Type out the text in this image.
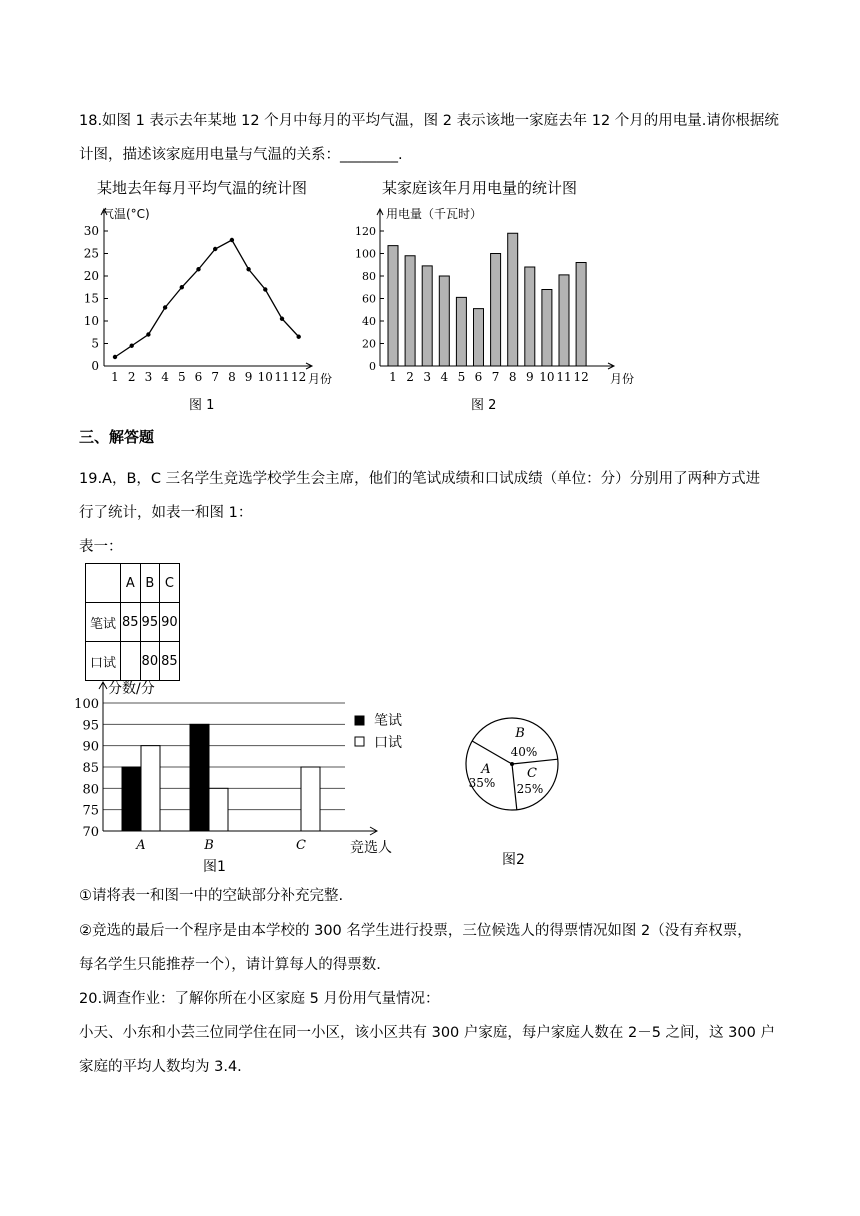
18.如图 1 表示去年某地 12 个月中每月的平均气温，图 2 表示该地一家庭去年 12 个月的用电量.请你根据统

计图，描述该家庭用电量与气温的关系：________.

某地去年每月平均气温的统计图
气温(°C)
月份
图 1
0
5
10
15
20
25
30
1 2 3 4 5 6 7 8 9 10 11 12
某家庭该年月用电量的统计图
用电量（千瓦时）
月份
图 2
0
20
40
60
80
100
120
1 2 3 4 5 6 7 8 9 10 11 12

三、解答题

19.A，B，C 三名学生竞选学校学生会主席，他们的笔试成绩和口试成绩（单位：分）分别用了两种方式进

行了统计，如表一和图 1：

表一：

	A	B	C
笔试	85	95	90
口试		80	85
分数/分
竞选人
图1
70
75
80
85
90
95
100
A	B	C
笔试
口试
B
40%
C
25%
A
35%
图2

①请将表一和图一中的空缺部分补充完整.

②竞选的最后一个程序是由本学校的 300 名学生进行投票，三位候选人的得票情况如图 2（没有弃权票，

每名学生只能推荐一个），请计算每人的得票数.

20.调查作业：了解你所在小区家庭 5 月份用气量情况：

小天、小东和小芸三位同学住在同一小区，该小区共有 300 户家庭，每户家庭人数在 2－5 之间，这 300 户

家庭的平均人数均为 3.4.
